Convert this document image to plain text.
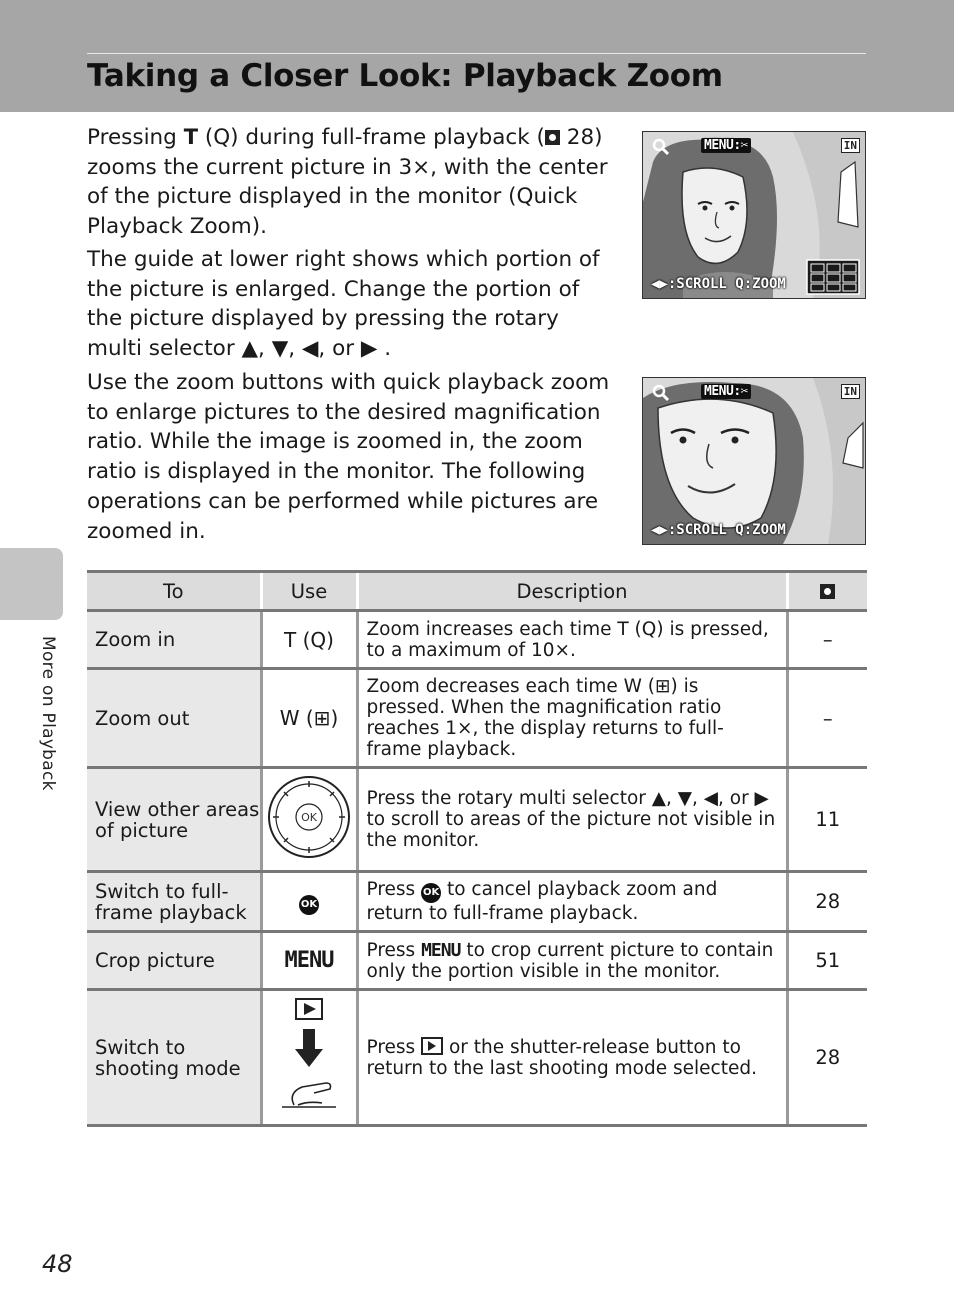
Taking a Closer Look: Playback Zoom
More on Playback

Pressing T (Q) during full-frame playback ( 28) zooms the current picture in 3×, with the center of the picture displayed in the monitor (Quick Playback Zoom).

The guide at lower right shows which portion of the picture is enlarged. Change the portion of the picture displayed by pressing the rotary multi selector ▲, ▼, ◀, or ▶ .

Use the zoom buttons with quick playback zoom to enlarge pictures to the desired magnification ratio. While the image is zoomed in, the zoom ratio is displayed in the monitor. The following operations can be performed while pictures are zoomed in.

MENU:✂	IN
◀▶:SCROLL Q:ZOOM
MENU:✂	IN
◀▶:SCROLL Q:ZOOM
To	Use	Description	
Zoom in	T (Q)	Zoom increases each time T (Q) is pressed, to a maximum of 10×.	–
Zoom out	W (⊞)	Zoom decreases each time W (⊞) is pressed. When the magnification ratio reaches 1×, the display returns to full-frame playback.	–
View other areas of picture	OK	Press the rotary multi selector ▲, ▼, ◀, or ▶ to scroll to areas of the picture not visible in the monitor.	11
Switch to full-frame playback	OK	Press OK to cancel playback zoom and return to full-frame playback.	28
Crop picture	MENU	Press MENU to crop current picture to contain only the portion visible in the monitor.	51
Switch to shooting mode		Press or the shutter-release button to return to the last shooting mode selected.	28
48
